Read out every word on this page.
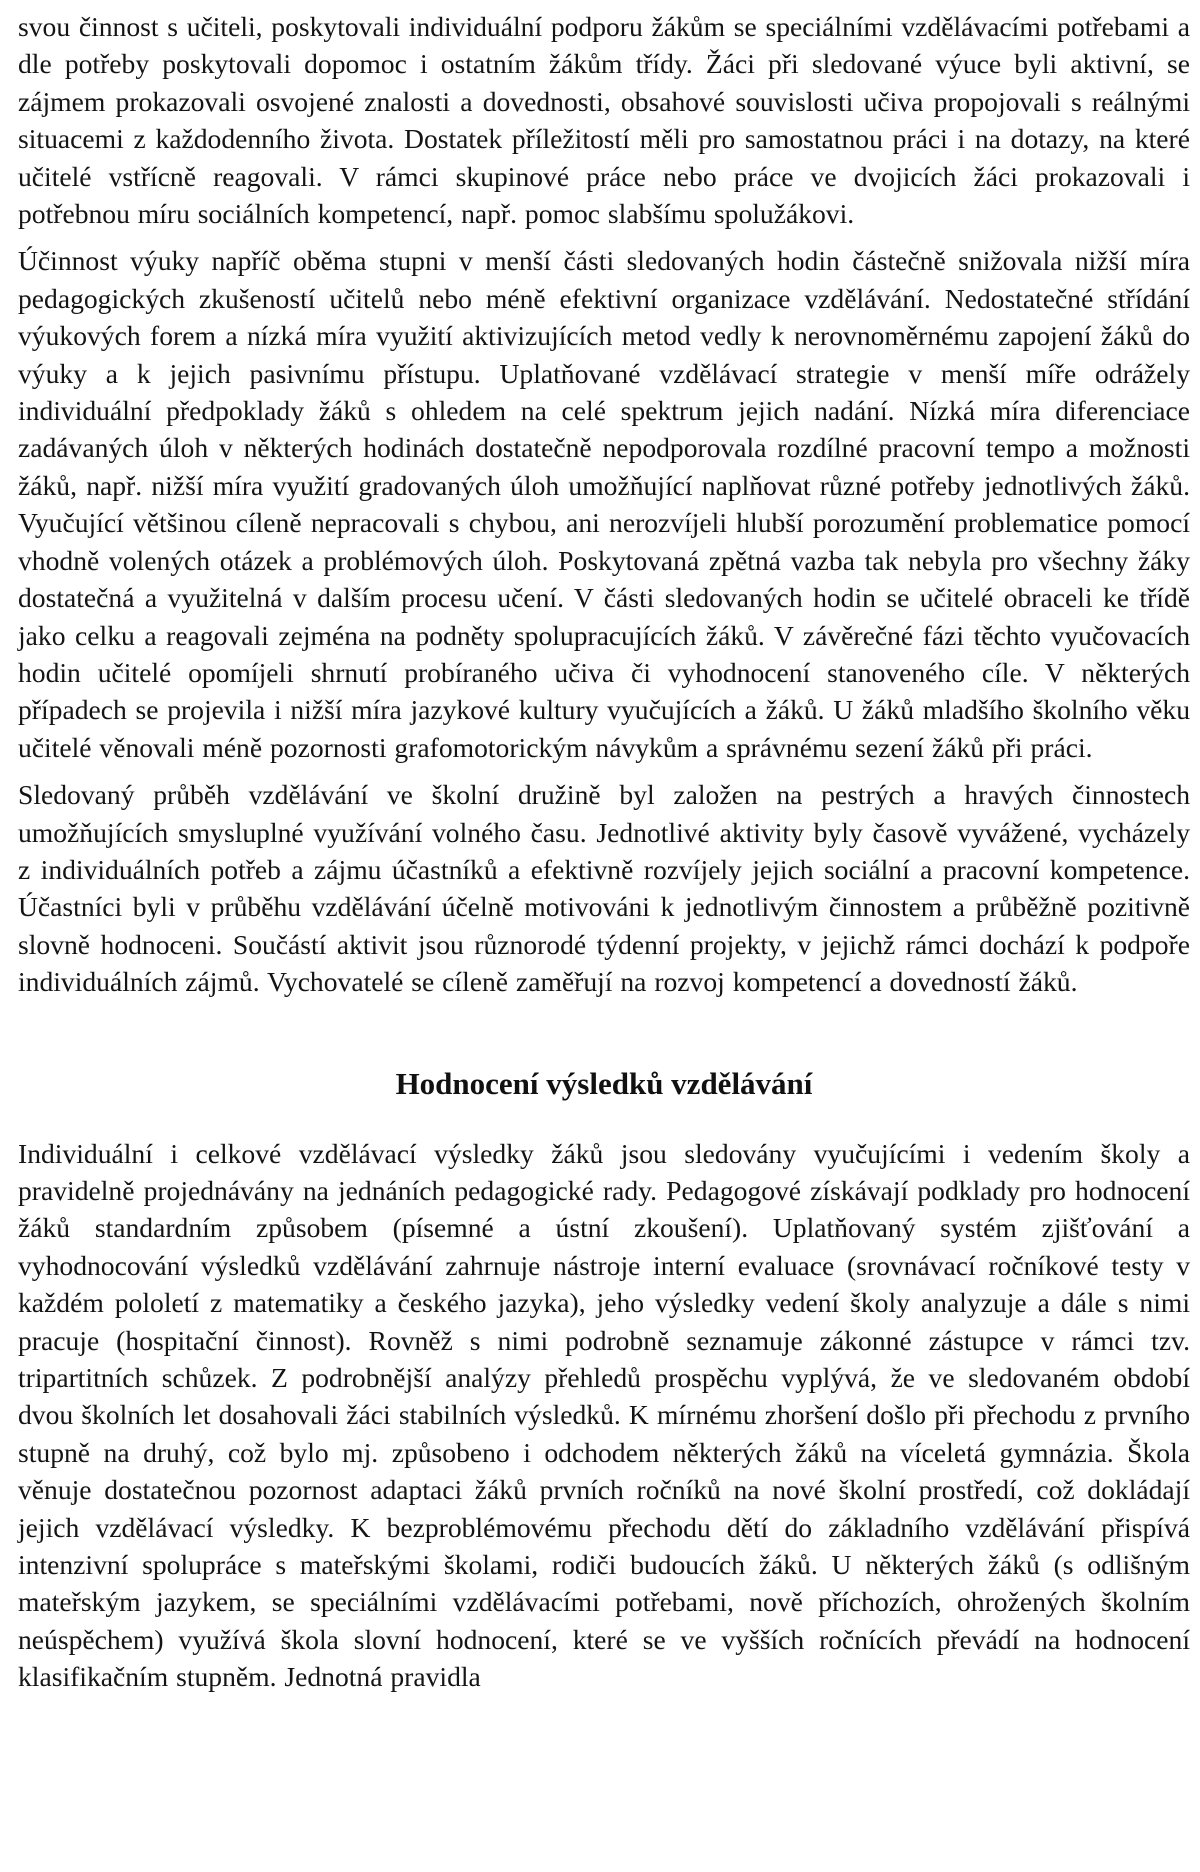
svou činnost s učiteli, poskytovali individuální podporu žákům se speciálními vzdělávacími potřebami a dle potřeby poskytovali dopomoc i ostatním žákům třídy. Žáci při sledované výuce byli aktivní, se zájmem prokazovali osvojené znalosti a dovednosti, obsahové souvislosti učiva propojovali s reálnými situacemi z každodenního života. Dostatek příležitostí měli pro samostatnou práci i na dotazy, na které učitelé vstřícně reagovali. V rámci skupinové práce nebo práce ve dvojicích žáci prokazovali i potřebnou míru sociálních kompetencí, např. pomoc slabšímu spolužákovi.

Účinnost výuky napříč oběma stupni v menší části sledovaných hodin částečně snižovala nižší míra pedagogických zkušeností učitelů nebo méně efektivní organizace vzdělávání. Nedostatečné střídání výukových forem a nízká míra využití aktivizujících metod vedly k nerovnoměrnému zapojení žáků do výuky a k jejich pasivnímu přístupu. Uplatňované vzdělávací strategie v menší míře odrážely individuální předpoklady žáků s ohledem na celé spektrum jejich nadání. Nízká míra diferenciace zadávaných úloh v některých hodinách dostatečně nepodporovala rozdílné pracovní tempo a možnosti žáků, např. nižší míra využití gradovaných úloh umožňující naplňovat různé potřeby jednotlivých žáků. Vyučující většinou cíleně nepracovali s chybou, ani nerozvíjeli hlubší porozumění problematice pomocí vhodně volených otázek a problémových úloh. Poskytovaná zpětná vazba tak nebyla pro všechny žáky dostatečná a využitelná v dalším procesu učení. V části sledovaných hodin se učitelé obraceli ke třídě jako celku a reagovali zejména na podněty spolupracujících žáků. V závěrečné fázi těchto vyučovacích hodin učitelé opomíjeli shrnutí probíraného učiva či vyhodnocení stanoveného cíle. V některých případech se projevila i nižší míra jazykové kultury vyučujících a žáků. U žáků mladšího školního věku učitelé věnovali méně pozornosti grafomotorickým návykům a správnému sezení žáků při práci.

Sledovaný průběh vzdělávání ve školní družině byl založen na pestrých a hravých činnostech umožňujících smysluplné využívání volného času. Jednotlivé aktivity byly časově vyvážené, vycházely z individuálních potřeb a zájmu účastníků a efektivně rozvíjely jejich sociální a pracovní kompetence. Účastníci byli v průběhu vzdělávání účelně motivováni k jednotlivým činnostem a průběžně pozitivně slovně hodnoceni. Součástí aktivit jsou různorodé týdenní projekty, v jejichž rámci dochází k podpoře individuálních zájmů. Vychovatelé se cíleně zaměřují na rozvoj kompetencí a dovedností žáků.

Hodnocení výsledků vzdělávání

Individuální i celkové vzdělávací výsledky žáků jsou sledovány vyučujícími i vedením školy a pravidelně projednávány na jednáních pedagogické rady. Pedagogové získávají podklady pro hodnocení žáků standardním způsobem (písemné a ústní zkoušení). Uplatňovaný systém zjišťování a vyhodnocování výsledků vzdělávání zahrnuje nástroje interní evaluace (srovnávací ročníkové testy v každém pololetí z matematiky a českého jazyka), jeho výsledky vedení školy analyzuje a dále s nimi pracuje (hospitační činnost). Rovněž s nimi podrobně seznamuje zákonné zástupce v rámci tzv. tripartitních schůzek. Z podrobnější analýzy přehledů prospěchu vyplývá, že ve sledovaném období dvou školních let dosahovali žáci stabilních výsledků. K mírnému zhoršení došlo při přechodu z prvního stupně na druhý, což bylo mj. způsobeno i odchodem některých žáků na víceletá gymnázia. Škola věnuje dostatečnou pozornost adaptaci žáků prvních ročníků na nové školní prostředí, což dokládají jejich vzdělávací výsledky. K bezproblémovému přechodu dětí do základního vzdělávání přispívá intenzivní spolupráce s mateřskými školami, rodiči budoucích žáků. U některých žáků (s odlišným mateřským jazykem, se speciálními vzdělávacími potřebami, nově příchozích, ohrožených školním neúspěchem) využívá škola slovní hodnocení, které se ve vyšších ročnících převádí na hodnocení klasifikačním stupněm. Jednotná pravidla
